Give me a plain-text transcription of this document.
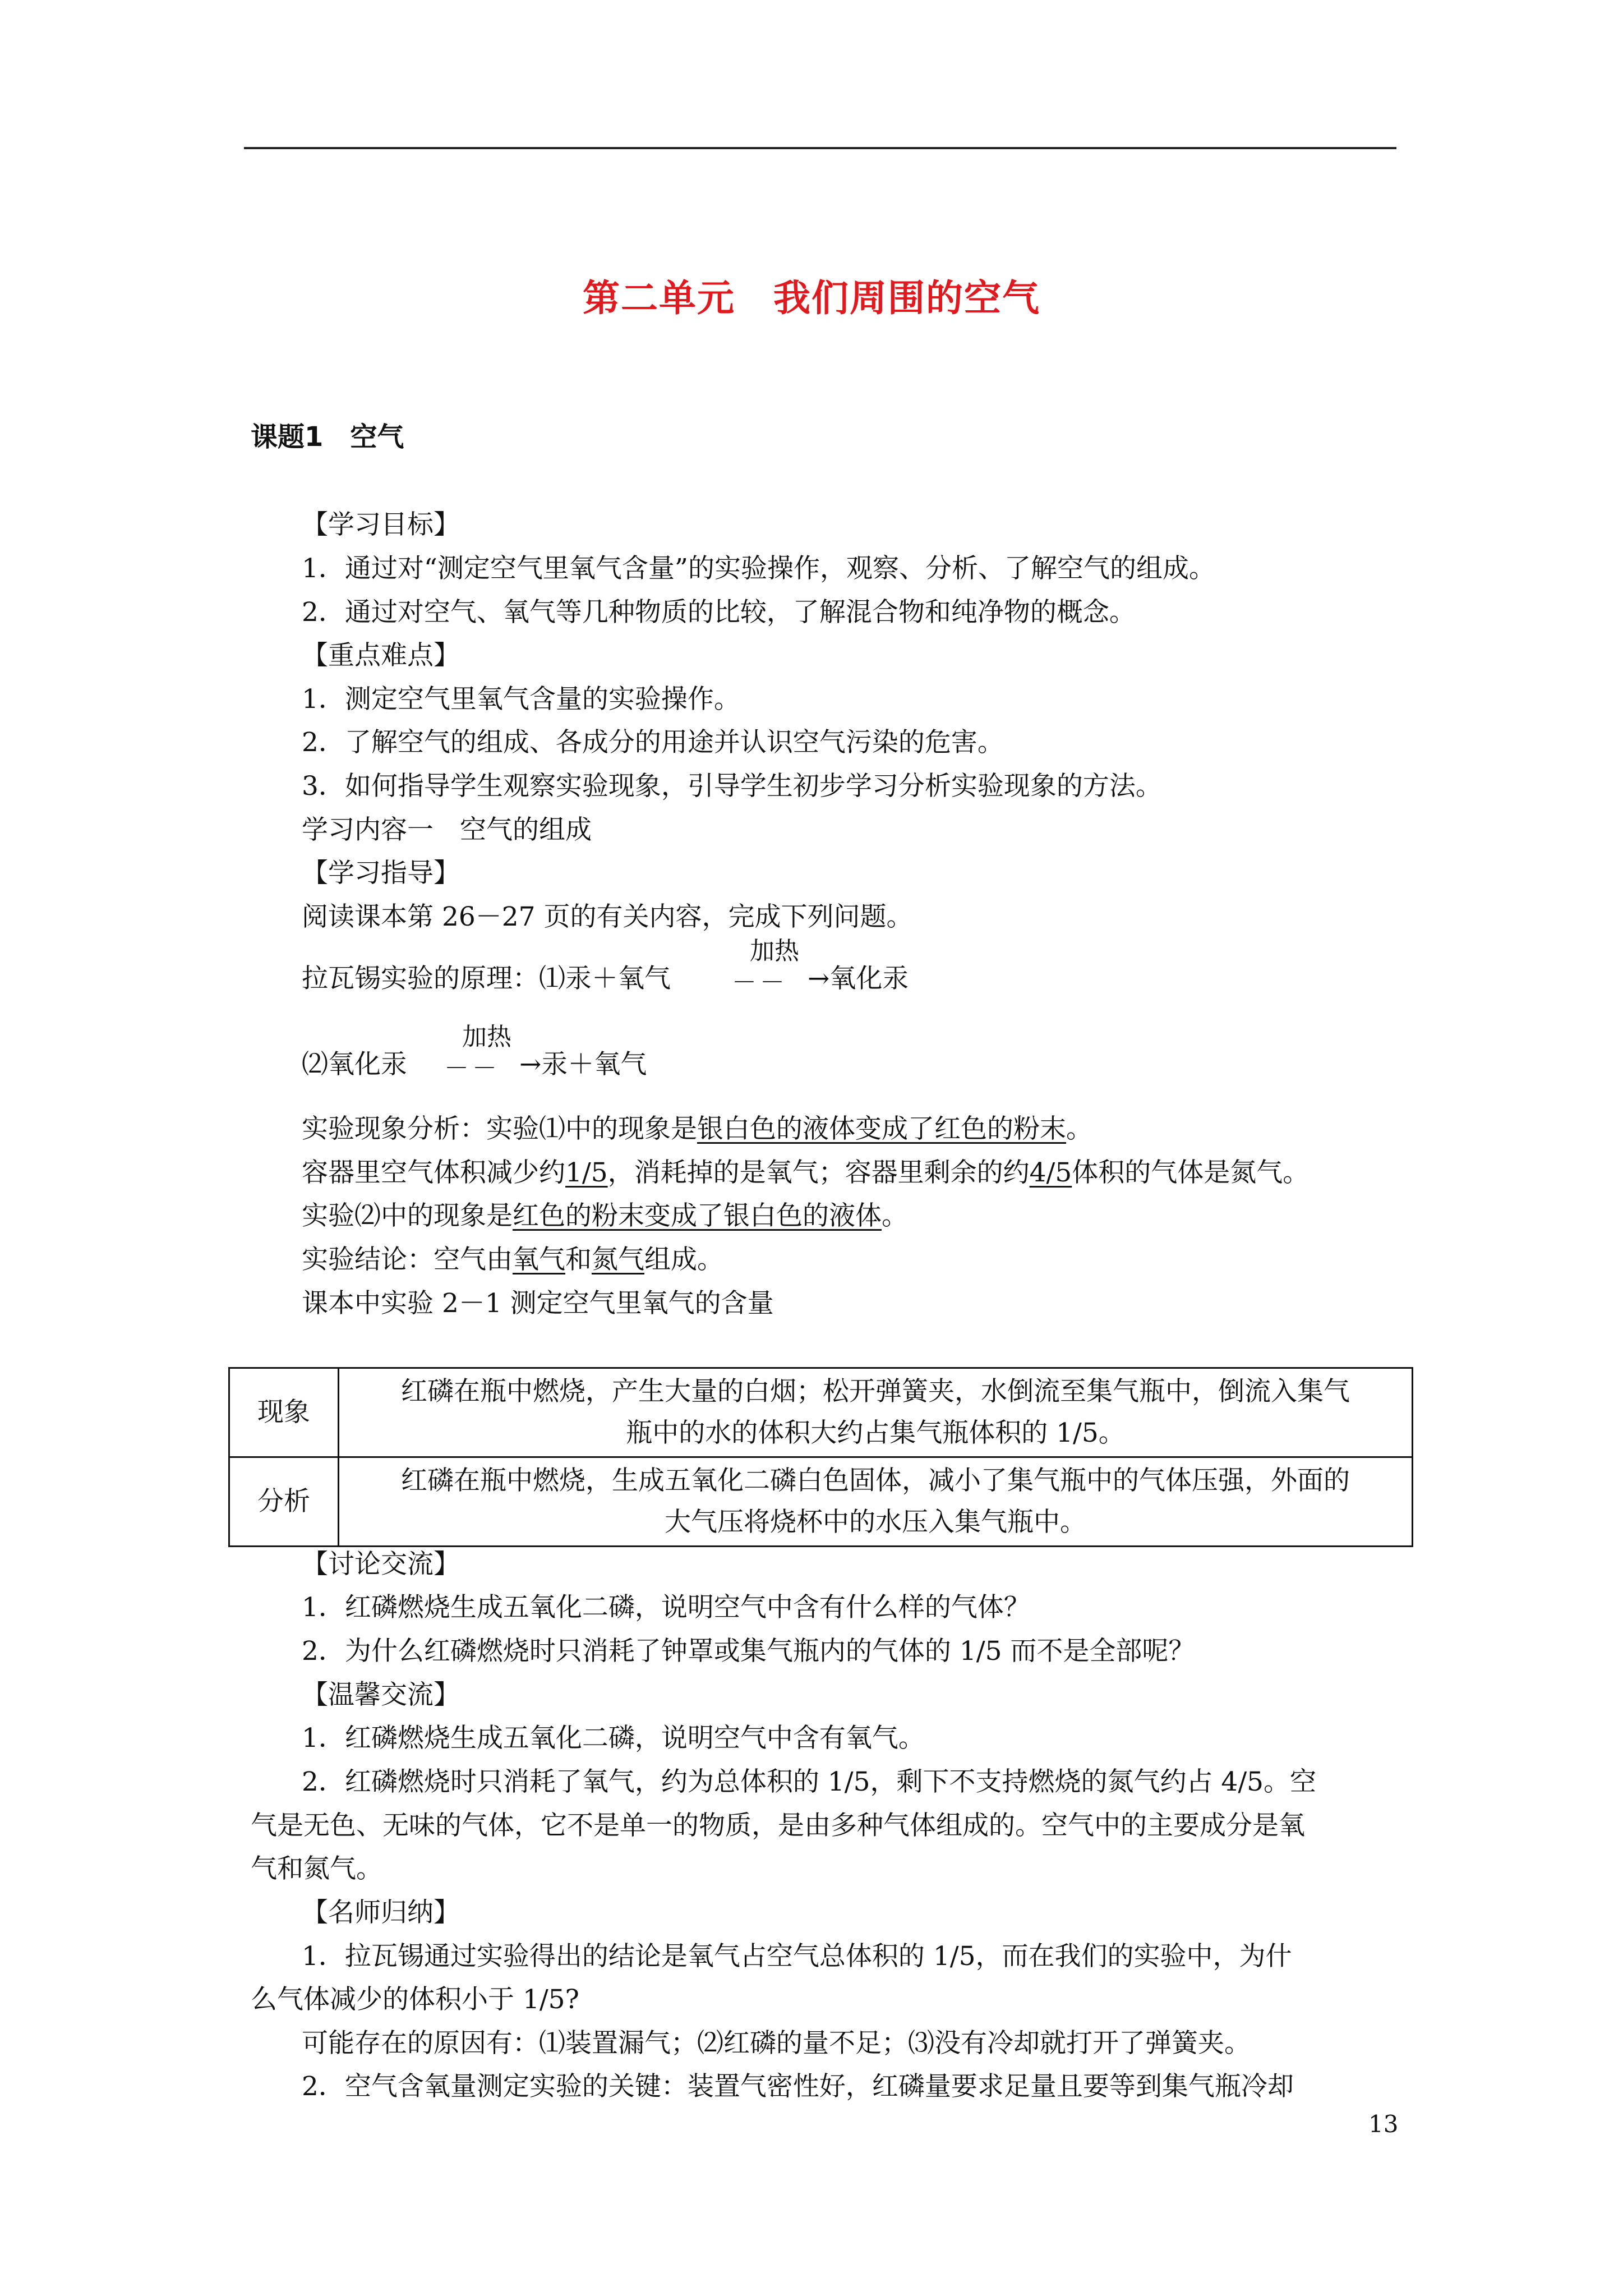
第二单元　我们周围的空气
课题1　空气
【学习目标】
1．通过对“测定空气里氧气含量”的实验操作，观察、分析、了解空气的组成。
2．通过对空气、氧气等几种物质的比较，了解混合物和纯净物的概念。
【重点难点】
1．测定空气里氧气含量的实验操作。
2．了解空气的组成、各成分的用途并认识空气污染的危害。
3．如何指导学生观察实验现象，引导学生初步学习分析实验现象的方法。
学习内容一　空气的组成
【学习指导】
阅读课本第 26－27 页的有关内容，完成下列问题。
拉瓦锡实验的原理：⑴汞＋氧气
加热
－－ →氧化汞
⑵氧化汞
加热
－－ →汞＋氧气
实验现象分析：实验⑴中的现象是银白色的液体变成了红色的粉末。
容器里空气体积减少约1/5，消耗掉的是氧气；容器里剩余的约4/5体积的气体是氮气。
实验⑵中的现象是红色的粉末变成了银白色的液体。
实验结论：空气由氧气和氮气组成。
课本中实验 2－1 测定空气里氧气的含量
现象	红磷在瓶中燃烧，产生大量的白烟；松开弹簧夹，水倒流至集气瓶中，倒流入集气
瓶中的水的体积大约占集气瓶体积的 1/5。

分析	红磷在瓶中燃烧，生成五氧化二磷白色固体，减小了集气瓶中的气体压强，外面的
大气压将烧杯中的水压入集气瓶中。
【讨论交流】
1．红磷燃烧生成五氧化二磷，说明空气中含有什么样的气体？
2．为什么红磷燃烧时只消耗了钟罩或集气瓶内的气体的 1/5 而不是全部呢？
【温馨交流】
1．红磷燃烧生成五氧化二磷，说明空气中含有氧气。
2．红磷燃烧时只消耗了氧气，约为总体积的 1/5，剩下不支持燃烧的氮气约占 4/5。空
气是无色、无味的气体，它不是单一的物质，是由多种气体组成的。空气中的主要成分是氧
气和氮气。
【名师归纳】
1．拉瓦锡通过实验得出的结论是氧气占空气总体积的 1/5，而在我们的实验中，为什
么气体减少的体积小于 1/5?
可能存在的原因有：⑴装置漏气；⑵红磷的量不足；⑶没有冷却就打开了弹簧夹。
2．空气含氧量测定实验的关键：装置气密性好，红磷量要求足量且要等到集气瓶冷却
13
